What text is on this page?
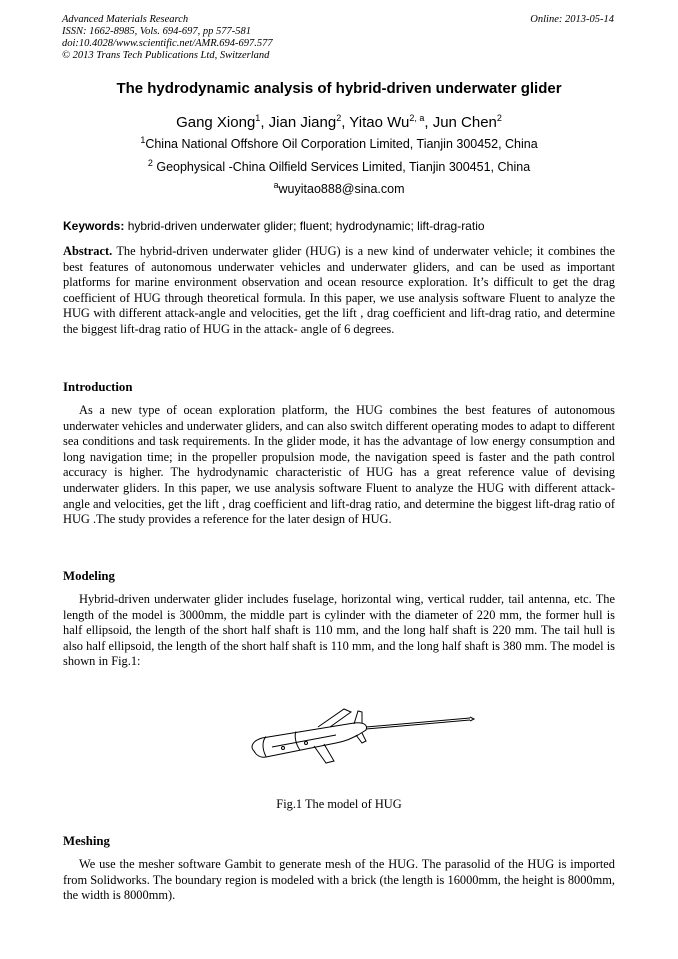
Advanced Materials Research
ISSN: 1662-8985, Vols. 694-697, pp 577-581
doi:10.4028/www.scientific.net/AMR.694-697.577
© 2013 Trans Tech Publications Ltd, Switzerland
Online: 2013-05-14
The hydrodynamic analysis of hybrid-driven underwater glider
Gang Xiong$^1$, Jian Jiang$^2$, Yitao Wu$^{2, a}$, Jun Chen$^2$
$^1$China National Offshore Oil Corporation Limited, Tianjin 300452, China
$^2$ Geophysical -China Oilfield Services Limited, Tianjin 300451, China
$^a$wuyitao888@sina.com
Keywords: hybrid-driven underwater glider; fluent; hydrodynamic; lift-drag-ratio

Abstract. The hybrid-driven underwater glider (HUG) is a new kind of underwater vehicle; it combines the best features of autonomous underwater vehicles and underwater gliders, and can be used as important platforms for marine environment observation and ocean resource exploration. It’s difficult to get the drag coefficient of HUG through theoretical formula. In this paper, we use analysis software Fluent to analyze the HUG with different attack-angle and velocities, get the lift , drag coefficient and lift-drag ratio, and determine the biggest lift-drag ratio of HUG in the attack- angle of 6 degrees.

Introduction

As a new type of ocean exploration platform, the HUG combines the best features of autonomous underwater vehicles and underwater gliders, and can also switch different operating modes to adapt to different sea conditions and task requirements. In the glider mode, it has the advantage of low energy consumption and long navigation time; in the propeller propulsion mode, the navigation speed is faster and the path control accuracy is higher. The hydrodynamic characteristic of HUG has a great reference value of devising underwater gliders. In this paper, we use analysis software Fluent to analyze the HUG with different attack-angle and velocities, get the lift , drag coefficient and lift-drag ratio, and determine the biggest lift-drag ratio of HUG .The study provides a reference for the later design of HUG.

Modeling

Hybrid-driven underwater glider includes fuselage, horizontal wing, vertical rudder, tail antenna, etc. The length of the model is 3000mm, the middle part is cylinder with the diameter of 220 mm, the former hull is half ellipsoid, the length of the short half shaft is 110 mm, and the long half shaft is 220 mm. The tail hull is also half ellipsoid, the length of the short half shaft is 110 mm, and the long half shaft is 380 mm. The model is shown in Fig.1:

Fig.1 The model of HUG
Meshing

We use the mesher software Gambit to generate mesh of the HUG. The parasolid of the HUG is imported from Solidworks. The boundary region is modeled with a brick (the length is 16000mm, the height is 8000mm, the width is 8000mm).
